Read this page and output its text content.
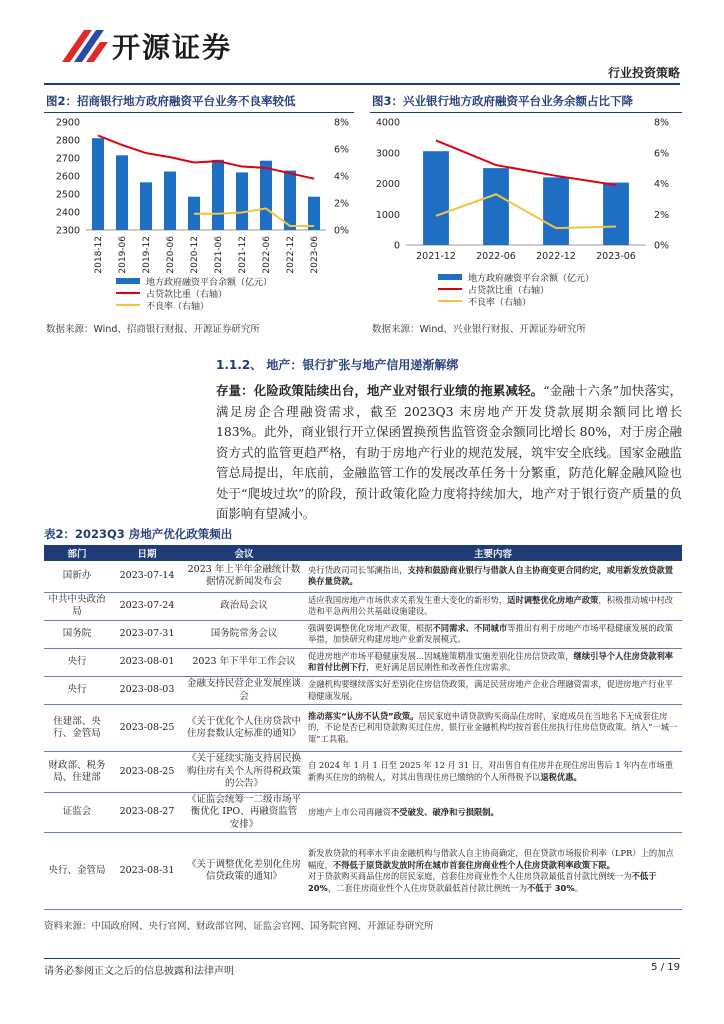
开源证券
行业投资策略
图2：招商银行地方政府融资平台业务不良率较低
2300
2400
2500
2600
2700
2800
2900
0%
2%
4%
6%
8%
2018-12 2019-06 2019-12 2020-06 2020-12 2021-06 2021-12 2022-06 2022-12 2023-06
地方政府融资平台余额（亿元）
占贷款比重（右轴）
不良率（右轴）
数据来源：Wind、招商银行财报、开源证券研究所
图3：兴业银行地方政府融资平台业务余额占比下降
0
1000
2000
3000
4000
0%
2%
4%
6%
8%
2021-12 2022-06 2022-12 2023-06
地方政府融资平台余额（亿元）
占贷款比重（右轴）
不良率（右轴）
数据来源：Wind、兴业银行财报、开源证券研究所
1.1.2、 地产：银行扩张与地产信用递渐解绑
存量：化险政策陆续出台，地产业对银行业绩的拖累减轻。“金融十六条”加快落实，满足房企合理融资需求，截至 2023Q3 末房地产开发贷款展期余额同比增长 183%。此外，商业银行开立保函置换预售监管资金余额同比增长 80%，对于房企融资方式的监管更趋严格，有助于房地产行业的规范发展，筑牢安全底线。国家金融监管总局提出，年底前，金融监管工作的发展改革任务十分繁重，防范化解金融风险也处于“爬坡过坎”的阶段，预计政策化险力度将持续加大，地产对于银行资产质量的负面影响有望减小。
表2：2023Q3 房地产优化政策频出
部门	日期	会议	主要内容
国新办	2023-07-14	2023 年上半年金融统计数据情况新闻发布会	央行货政司司长邹澜指出，支持和鼓励商业银行与借款人自主协商变更合同约定，或用新发放贷款置换存量贷款。
中共中央政治局	2023-07-24	政治局会议	适应我国房地产市场供求关系发生重大变化的新形势，适时调整优化房地产政策，积极推动城中村改造和平急两用公共基础设施建设。
国务院	2023-07-31	国务院常务会议	强调要调整优化房地产政策，根据不同需求、不同城市等推出有利于房地产市场平稳健康发展的政策举措，加快研究构建房地产业新发展模式。
央行	2023-08-01	2023 年下半年工作会议	促进房地产市场平稳健康发展…因城施策精准实施差别化住房信贷政策，继续引导个人住房贷款利率和首付比例下行，更好满足居民刚性和改善性住房需求。
央行	2023-08-03	金融支持民营企业发展座谈会	金融机构要继续落实好差别化住房信贷政策，满足民营房地产企业合理融资需求，促进房地产行业平稳健康发展。
住建部、央行、金管局	2023-08-25	《关于优化个人住房贷款中住房套数认定标准的通知》	推动落实“认房不认贷”政策。居民家庭申请贷款购买商品住房时，家庭成员在当地名下无成套住房的，不论是否已利用贷款购买过住房，银行业金融机构均按首套住房执行住房信贷政策。纳入“一城一策”工具箱。
财政部、税务局、住建部	2023-08-25	《关于延续实施支持居民换购住房有关个人所得税政策的公告》	自 2024 年 1 月 1 日至 2025 年 12 月 31 日，对出售自有住房并在现住房出售后 1 年内在市场重新购买住房的纳税人，对其出售现住房已缴纳的个人所得税予以退税优惠。
证监会	2023-08-27	《证监会统筹一二级市场平衡优化 IPO、再融资监管安排》	房地产上市公司再融资不受破发、破净和亏损限制。
央行、金管局	2023-08-31	《关于调整优化差别化住房信贷政策的通知》	新发放贷款的利率水平由金融机构与借款人自主协商确定，但在贷款市场报价利率（LPR）上的加点幅度，不得低于原贷款发放时所在城市首套住房商业性个人住房贷款利率政策下限。
对于贷款购买商品住房的居民家庭，首套住房商业性个人住房贷款最低首付款比例统一为不低于 20%，二套住房商业性个人住房贷款最低首付款比例统一为不低于 30%。
资料来源：中国政府网、央行官网、财政部官网、证监会官网、国务院官网、开源证券研究所
请务必参阅正文之后的信息披露和法律声明	5 / 19
